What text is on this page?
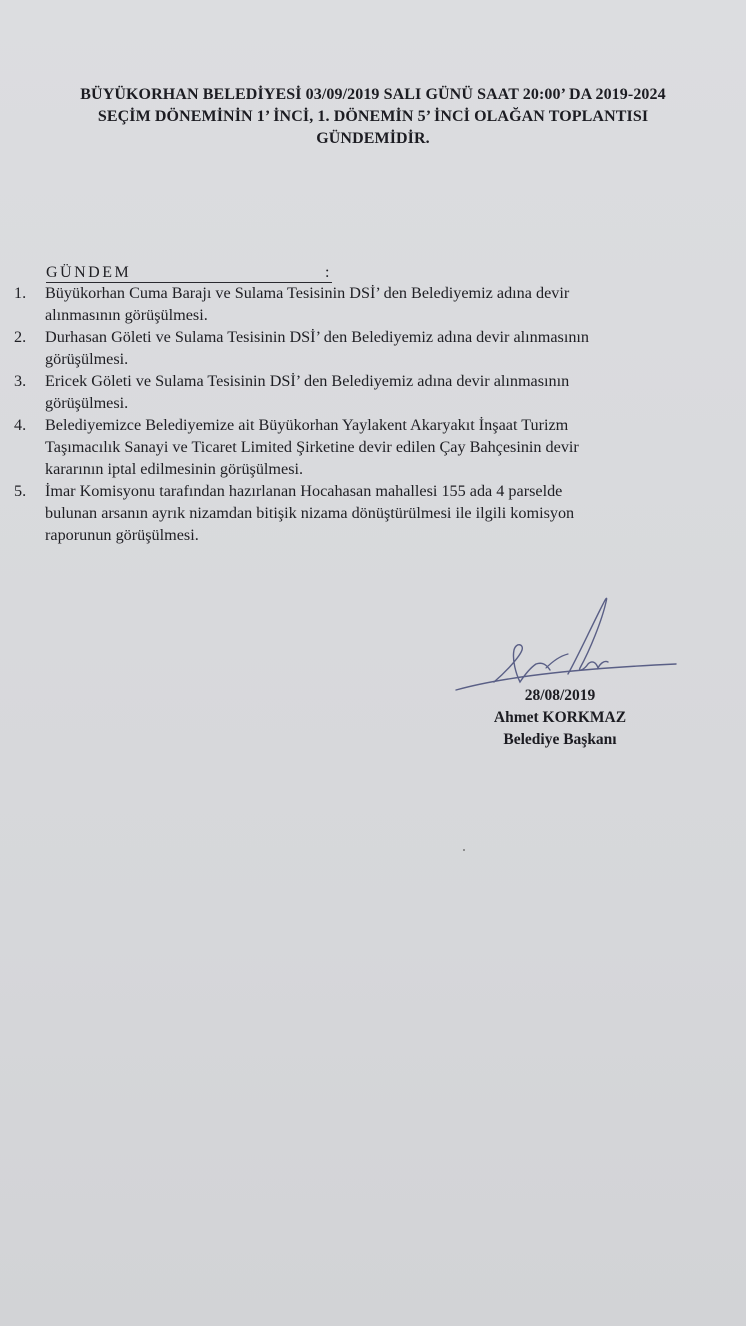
BÜYÜKORHAN BELEDİYESİ 03/09/2019 SALI GÜNÜ SAAT 20:00’ DA 2019-2024
SEÇİM DÖNEMİNİN 1’ İNCİ, 1. DÖNEMİN 5’ İNCİ OLAĞAN TOPLANTISI
GÜNDEMİDİR.
GÜNDEM	:
1. Büyükorhan Cuma Barajı ve Sulama Tesisinin DSİ’ den Belediyemiz adına devir
alınmasının görüşülmesi.
2. Durhasan Göleti ve Sulama Tesisinin DSİ’ den Belediyemiz adına devir alınmasının
görüşülmesi.
3. Ericek Göleti ve Sulama Tesisinin DSİ’ den Belediyemiz adına devir alınmasının
görüşülmesi.
4. Belediyemizce Belediyemize ait Büyükorhan Yaylakent Akaryakıt İnşaat Turizm
Taşımacılık Sanayi ve Ticaret Limited Şirketine devir edilen Çay Bahçesinin devir
kararının iptal edilmesinin görüşülmesi.
5. İmar Komisyonu tarafından hazırlanan Hocahasan mahallesi 155 ada 4 parselde
bulunan arsanın ayrık nizamdan bitişik nizama dönüştürülmesi ile ilgili komisyon
raporunun görüşülmesi.
28/08/2019
Ahmet KORKMAZ
Belediye Başkanı
